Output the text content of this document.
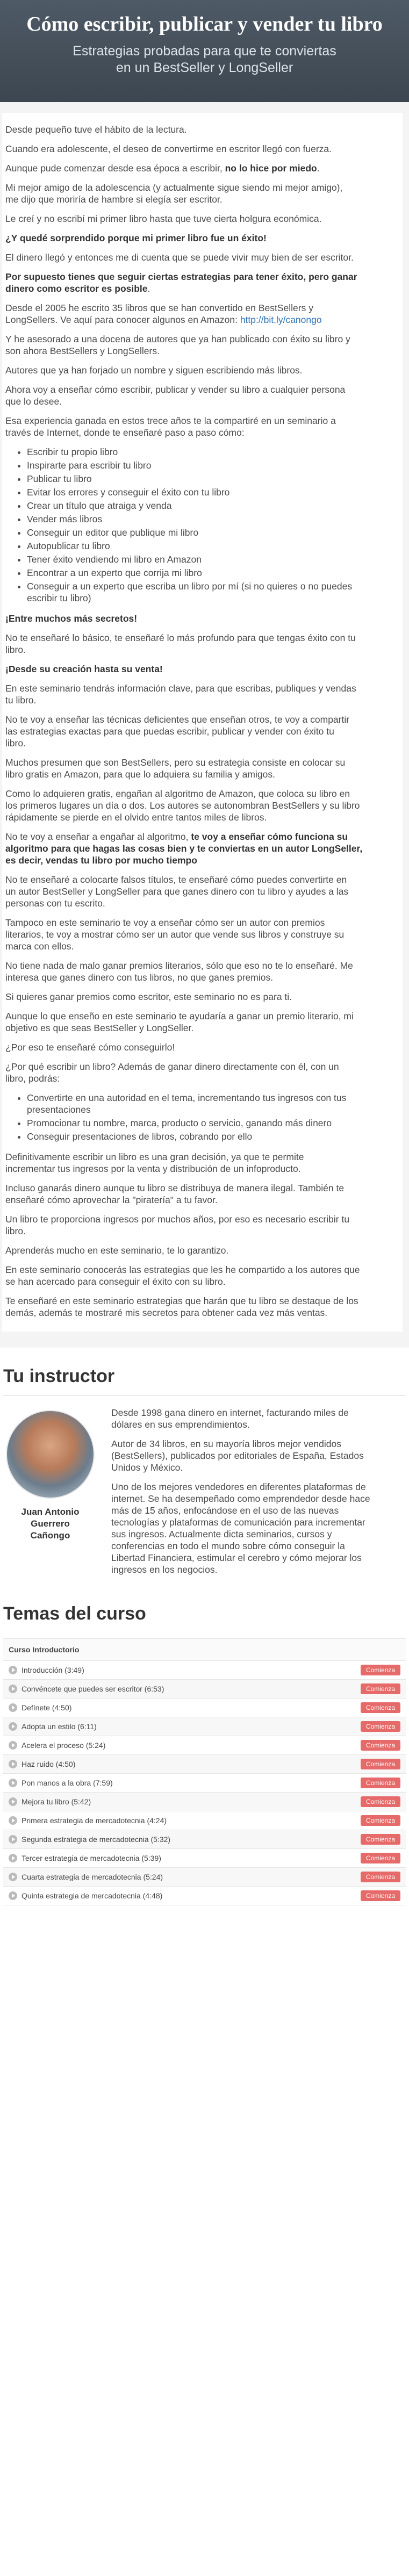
Cómo escribir, publicar y vender tu libro
Estrategias probadas para que te conviertas
en un BestSeller y LongSeller

Desde pequeño tuve el hábito de la lectura.

Cuando era adolescente, el deseo de convertirme en escritor llegó con fuerza.

Aunque pude comenzar desde esa época a escribir, no lo hice por miedo.

Mi mejor amigo de la adolescencia (y actualmente sigue siendo mi mejor amigo),
me dijo que moriría de hambre si elegía ser escritor.

Le creí y no escribí mi primer libro hasta que tuve cierta holgura económica.

¿Y quedé sorprendido porque mi primer libro fue un éxito!

El dinero llegó y entonces me di cuenta que se puede vivir muy bien de ser escritor.

Por supuesto tienes que seguir ciertas estrategias para tener éxito, pero ganar
dinero como escritor es posible.

Desde el 2005 he escrito 35 libros que se han convertido en BestSellers y
LongSellers. Ve aquí para conocer algunos en Amazon: http://bit.ly/canongo

Y he asesorado a una docena de autores que ya han publicado con éxito su libro y
son ahora BestSellers y LongSellers.

Autores que ya han forjado un nombre y siguen escribiendo más libros.

Ahora voy a enseñar cómo escribir, publicar y vender su libro a cualquier persona
que lo desee.

Esa experiencia ganada en estos trece años te la compartiré en un seminario a
través de Internet, donde te enseñaré paso a paso cómo:

• Escribir tu propio libro
• Inspirarte para escribir tu libro
• Publicar tu libro
• Evitar los errores y conseguir el éxito con tu libro
• Crear un título que atraiga y venda
• Vender más libros
• Conseguir un editor que publique mi libro
• Autopublicar tu libro
• Tener éxito vendiendo mi libro en Amazon
• Encontrar a un experto que corrija mi libro
• Conseguir a un experto que escriba un libro por mí (si no quieres o no puedes
escribir tu libro)

¡Entre muchos más secretos!

No te enseñaré lo básico, te enseñaré lo más profundo para que tengas éxito con tu
libro.

¡Desde su creación hasta su venta!

En este seminario tendrás información clave, para que escribas, publiques y vendas
tu libro.

No te voy a enseñar las técnicas deficientes que enseñan otros, te voy a compartir
las estrategias exactas para que puedas escribir, publicar y vender con éxito tu
libro.

Muchos presumen que son BestSellers, pero su estrategia consiste en colocar su
libro gratis en Amazon, para que lo adquiera su familia y amigos.

Como lo adquieren gratis, engañan al algoritmo de Amazon, que coloca su libro en
los primeros lugares un día o dos. Los autores se autonombran BestSellers y su libro
rápidamente se pierde en el olvido entre tantos miles de libros.

No te voy a enseñar a engañar al algoritmo, te voy a enseñar cómo funciona su
algoritmo para que hagas las cosas bien y te conviertas en un autor LongSeller,
es decir, vendas tu libro por mucho tiempo

No te enseñaré a colocarte falsos títulos, te enseñaré cómo puedes convertirte en
un autor BestSeller y LongSeller para que ganes dinero con tu libro y ayudes a las
personas con tu escrito.

Tampoco en este seminario te voy a enseñar cómo ser un autor con premios
literarios, te voy a mostrar cómo ser un autor que vende sus libros y construye su
marca con ellos.

No tiene nada de malo ganar premios literarios, sólo que eso no te lo enseñaré. Me
interesa que ganes dinero con tus libros, no que ganes premios.

Si quieres ganar premios como escritor, este seminario no es para ti.

Aunque lo que enseño en este seminario te ayudaría a ganar un premio literario, mi
objetivo es que seas BestSeller y LongSeller.

¿Por eso te enseñaré cómo conseguirlo!

¿Por qué escribir un libro? Además de ganar dinero directamente con él, con un
libro, podrás:

• Convertirte en una autoridad en el tema, incrementando tus ingresos con tus
presentaciones
• Promocionar tu nombre, marca, producto o servicio, ganando más dinero
• Conseguir presentaciones de libros, cobrando por ello

Definitivamente escribir un libro es una gran decisión, ya que te permite
incrementar tus ingresos por la venta y distribución de un infoproducto.

Incluso ganarás dinero aunque tu libro se distribuya de manera ilegal. También te
enseñaré cómo aprovechar la "piratería" a tu favor.

Un libro te proporciona ingresos por muchos años, por eso es necesario escribir tu
libro.

Aprenderás mucho en este seminario, te lo garantizo.

En este seminario conocerás las estrategias que les he compartido a los autores que
se han acercado para conseguir el éxito con su libro.

Te enseñaré en este seminario estrategias que harán que tu libro se destaque de los
demás, además te mostraré mis secretos para obtener cada vez más ventas.

Tu instructor
Juan Antonio
Guerrero
Cañongo

Desde 1998 gana dinero en internet, facturando miles de
dólares en sus emprendimientos.

Autor de 34 libros, en su mayoría libros mejor vendidos
(BestSellers), publicados por editoriales de España, Estados
Unidos y México.

Uno de los mejores vendedores en diferentes plataformas de
internet. Se ha desempeñado como emprendedor desde hace
más de 15 años, enfocándose en el uso de las nuevas
tecnologías y plataformas de comunicación para incrementar
sus ingresos. Actualmente dicta seminarios, cursos y
conferencias en todo el mundo sobre cómo conseguir la
Libertad Financiera, estimular el cerebro y cómo mejorar los
ingresos en los negocios.

Temas del curso
Curso Introductorio
Introducción (3:49)	Comienza
Convéncete que puedes ser escritor (6:53)	Comienza
Defínete (4:50)	Comienza
Adopta un estilo (6:11)	Comienza
Acelera el proceso (5:24)	Comienza
Haz ruido (4:50)	Comienza
Pon manos a la obra (7:59)	Comienza
Mejora tu libro (5:42)	Comienza
Primera estrategia de mercadotecnia (4:24)	Comienza
Segunda estrategia de mercadotecnia (5:32)	Comienza
Tercer estrategia de mercadotecnia (5:39)	Comienza
Cuarta estrategia de mercadotecnia (5:24)	Comienza
Quinta estrategia de mercadotecnia (4:48)	Comienza
